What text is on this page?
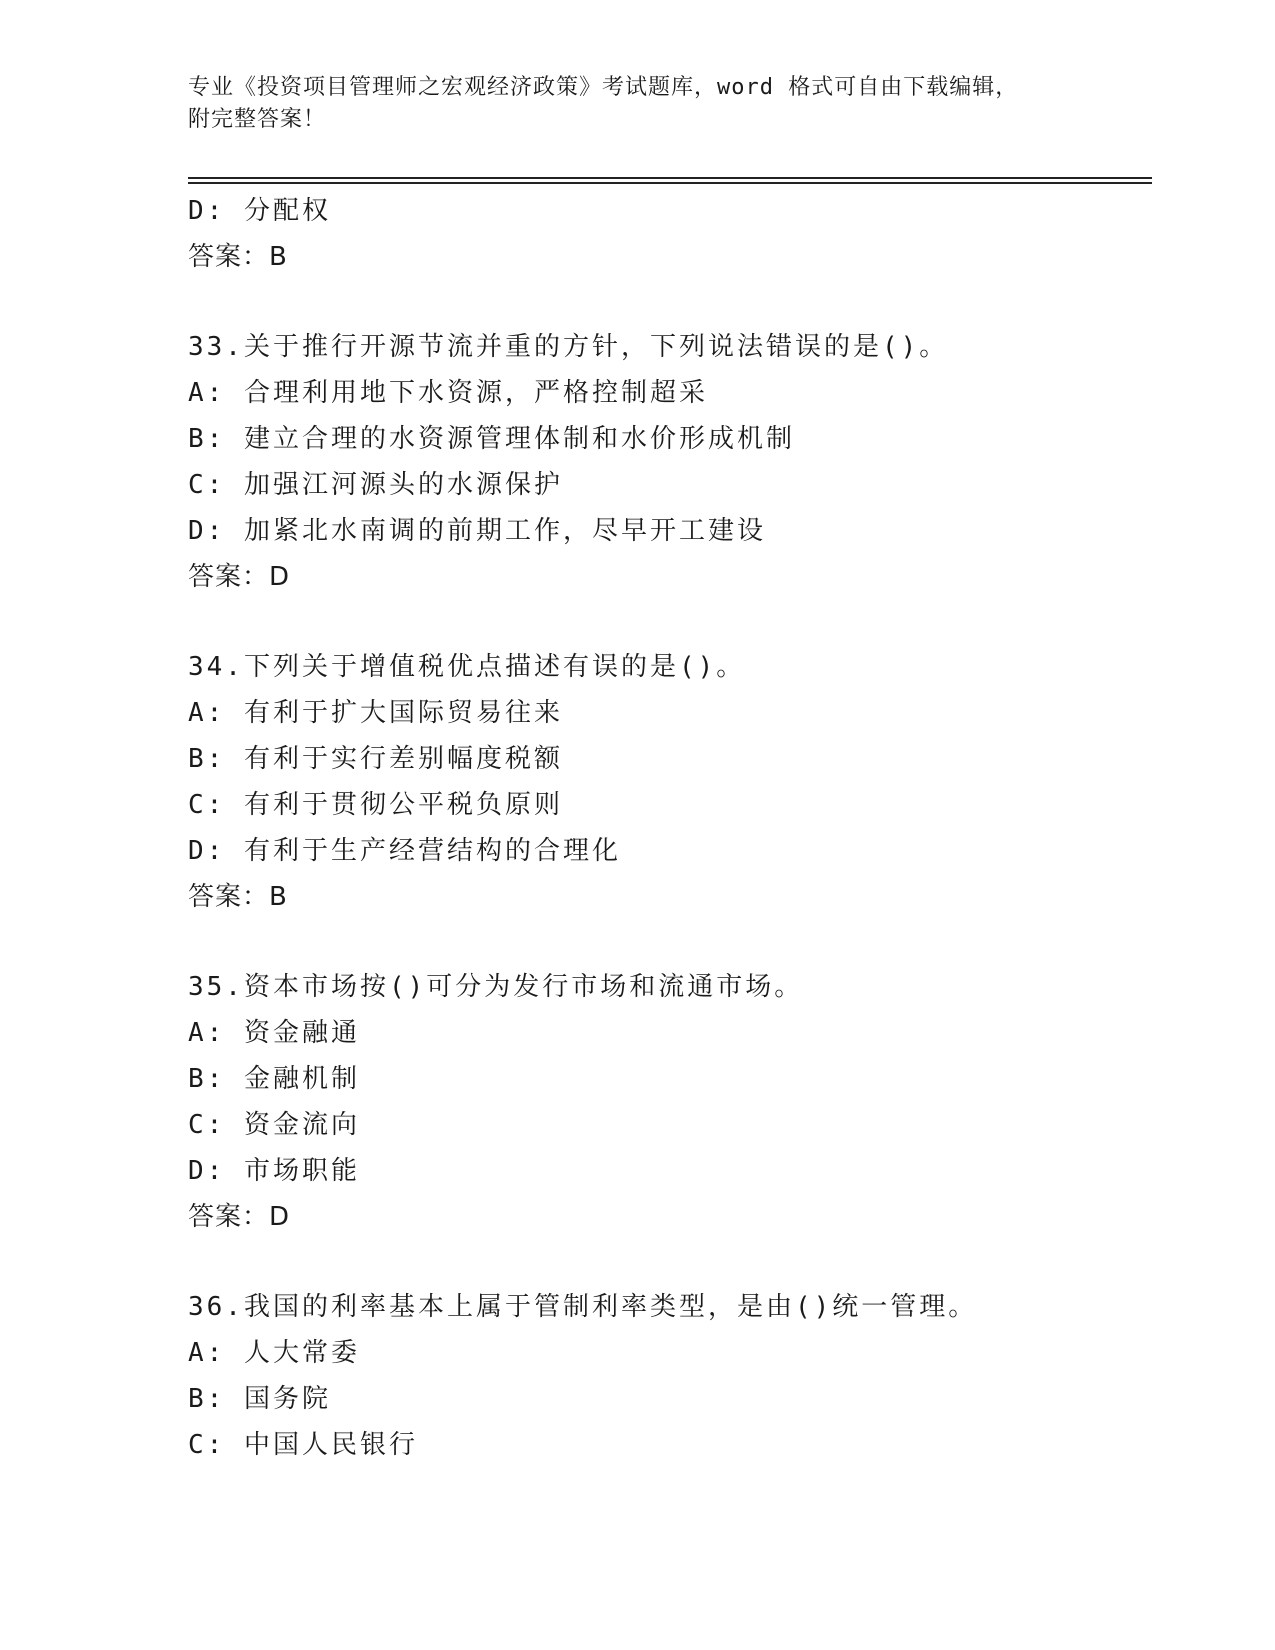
专业《投资项目管理师之宏观经济政策》考试题库，word 格式可自由下载编辑，
附完整答案！
D: 分配权
答案：B
33.关于推行开源节流并重的方针，下列说法错误的是()。
A: 合理利用地下水资源，严格控制超采
B: 建立合理的水资源管理体制和水价形成机制
C: 加强江河源头的水源保护
D: 加紧北水南调的前期工作，尽早开工建设
答案：D
34.下列关于增值税优点描述有误的是()。
A: 有利于扩大国际贸易往来
B: 有利于实行差别幅度税额
C: 有利于贯彻公平税负原则
D: 有利于生产经营结构的合理化
答案：B
35.资本市场按()可分为发行市场和流通市场。
A: 资金融通
B: 金融机制
C: 资金流向
D: 市场职能
答案：D
36.我国的利率基本上属于管制利率类型，是由()统一管理。
A: 人大常委
B: 国务院
C: 中国人民银行
